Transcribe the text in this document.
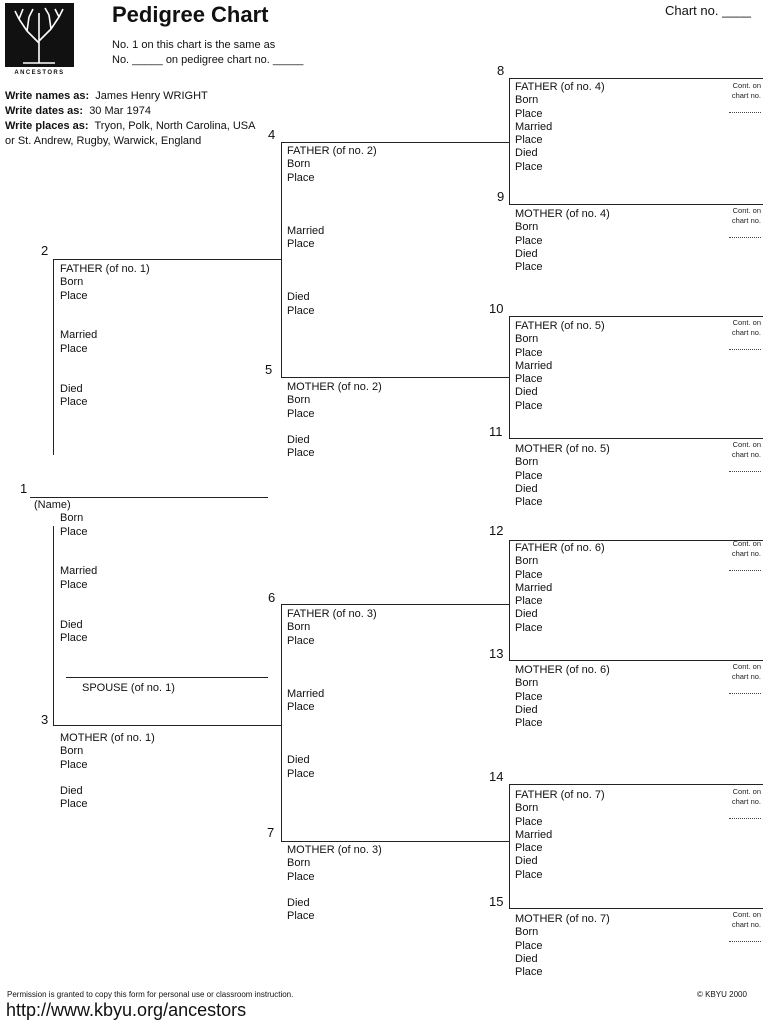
ANCESTORS
Pedigree Chart	Chart no. ____
No. 1 on this chart is the same as
No. _____ on pedigree chart no. _____
Write names as: James Henry WRIGHT
Write dates as: 30 Mar 1974
Write places as: Tryon, Polk, North Carolina, USA
or St. Andrew, Rugby, Warwick, England
1
(Name)
Born
Place
Married
Place
Died
Place
SPOUSE (of no. 1)
2
FATHER (of no. 1)
Born
Place
Married
Place
Died
Place
3
MOTHER (of no. 1)
Born
Place

Died
Place
4
FATHER (of no. 2)
Born
Place

Married
Place

Died
Place
5
MOTHER (of no. 2)
Born
Place

Died
Place
6
FATHER (of no. 3)
Born
Place

Married
Place

Died
Place
7
MOTHER (of no. 3)
Born
Place

Died
Place
8
FATHER (of no. 4)
Born
Place
Married
Place
Died
Place
Cont. on
chart no.
9
MOTHER (of no. 4)
Born
Place
Died
Place
Cont. on
chart no.
10
FATHER (of no. 5)
Born
Place
Married
Place
Died
Place
Cont. on
chart no.
11
MOTHER (of no. 5)
Born
Place
Died
Place
Cont. on
chart no.
12
FATHER (of no. 6)
Born
Place
Married
Place
Died
Place
Cont. on
chart no.
13
MOTHER (of no. 6)
Born
Place
Died
Place
Cont. on
chart no.
14
FATHER (of no. 7)
Born
Place
Married
Place
Died
Place
Cont. on
chart no.
15
MOTHER (of no. 7)
Born
Place
Died
Place
Cont. on
chart no.
Permission is granted to copy this form for personal use or classroom instruction.	© KBYU 2000
http://www.kbyu.org/ancestors
